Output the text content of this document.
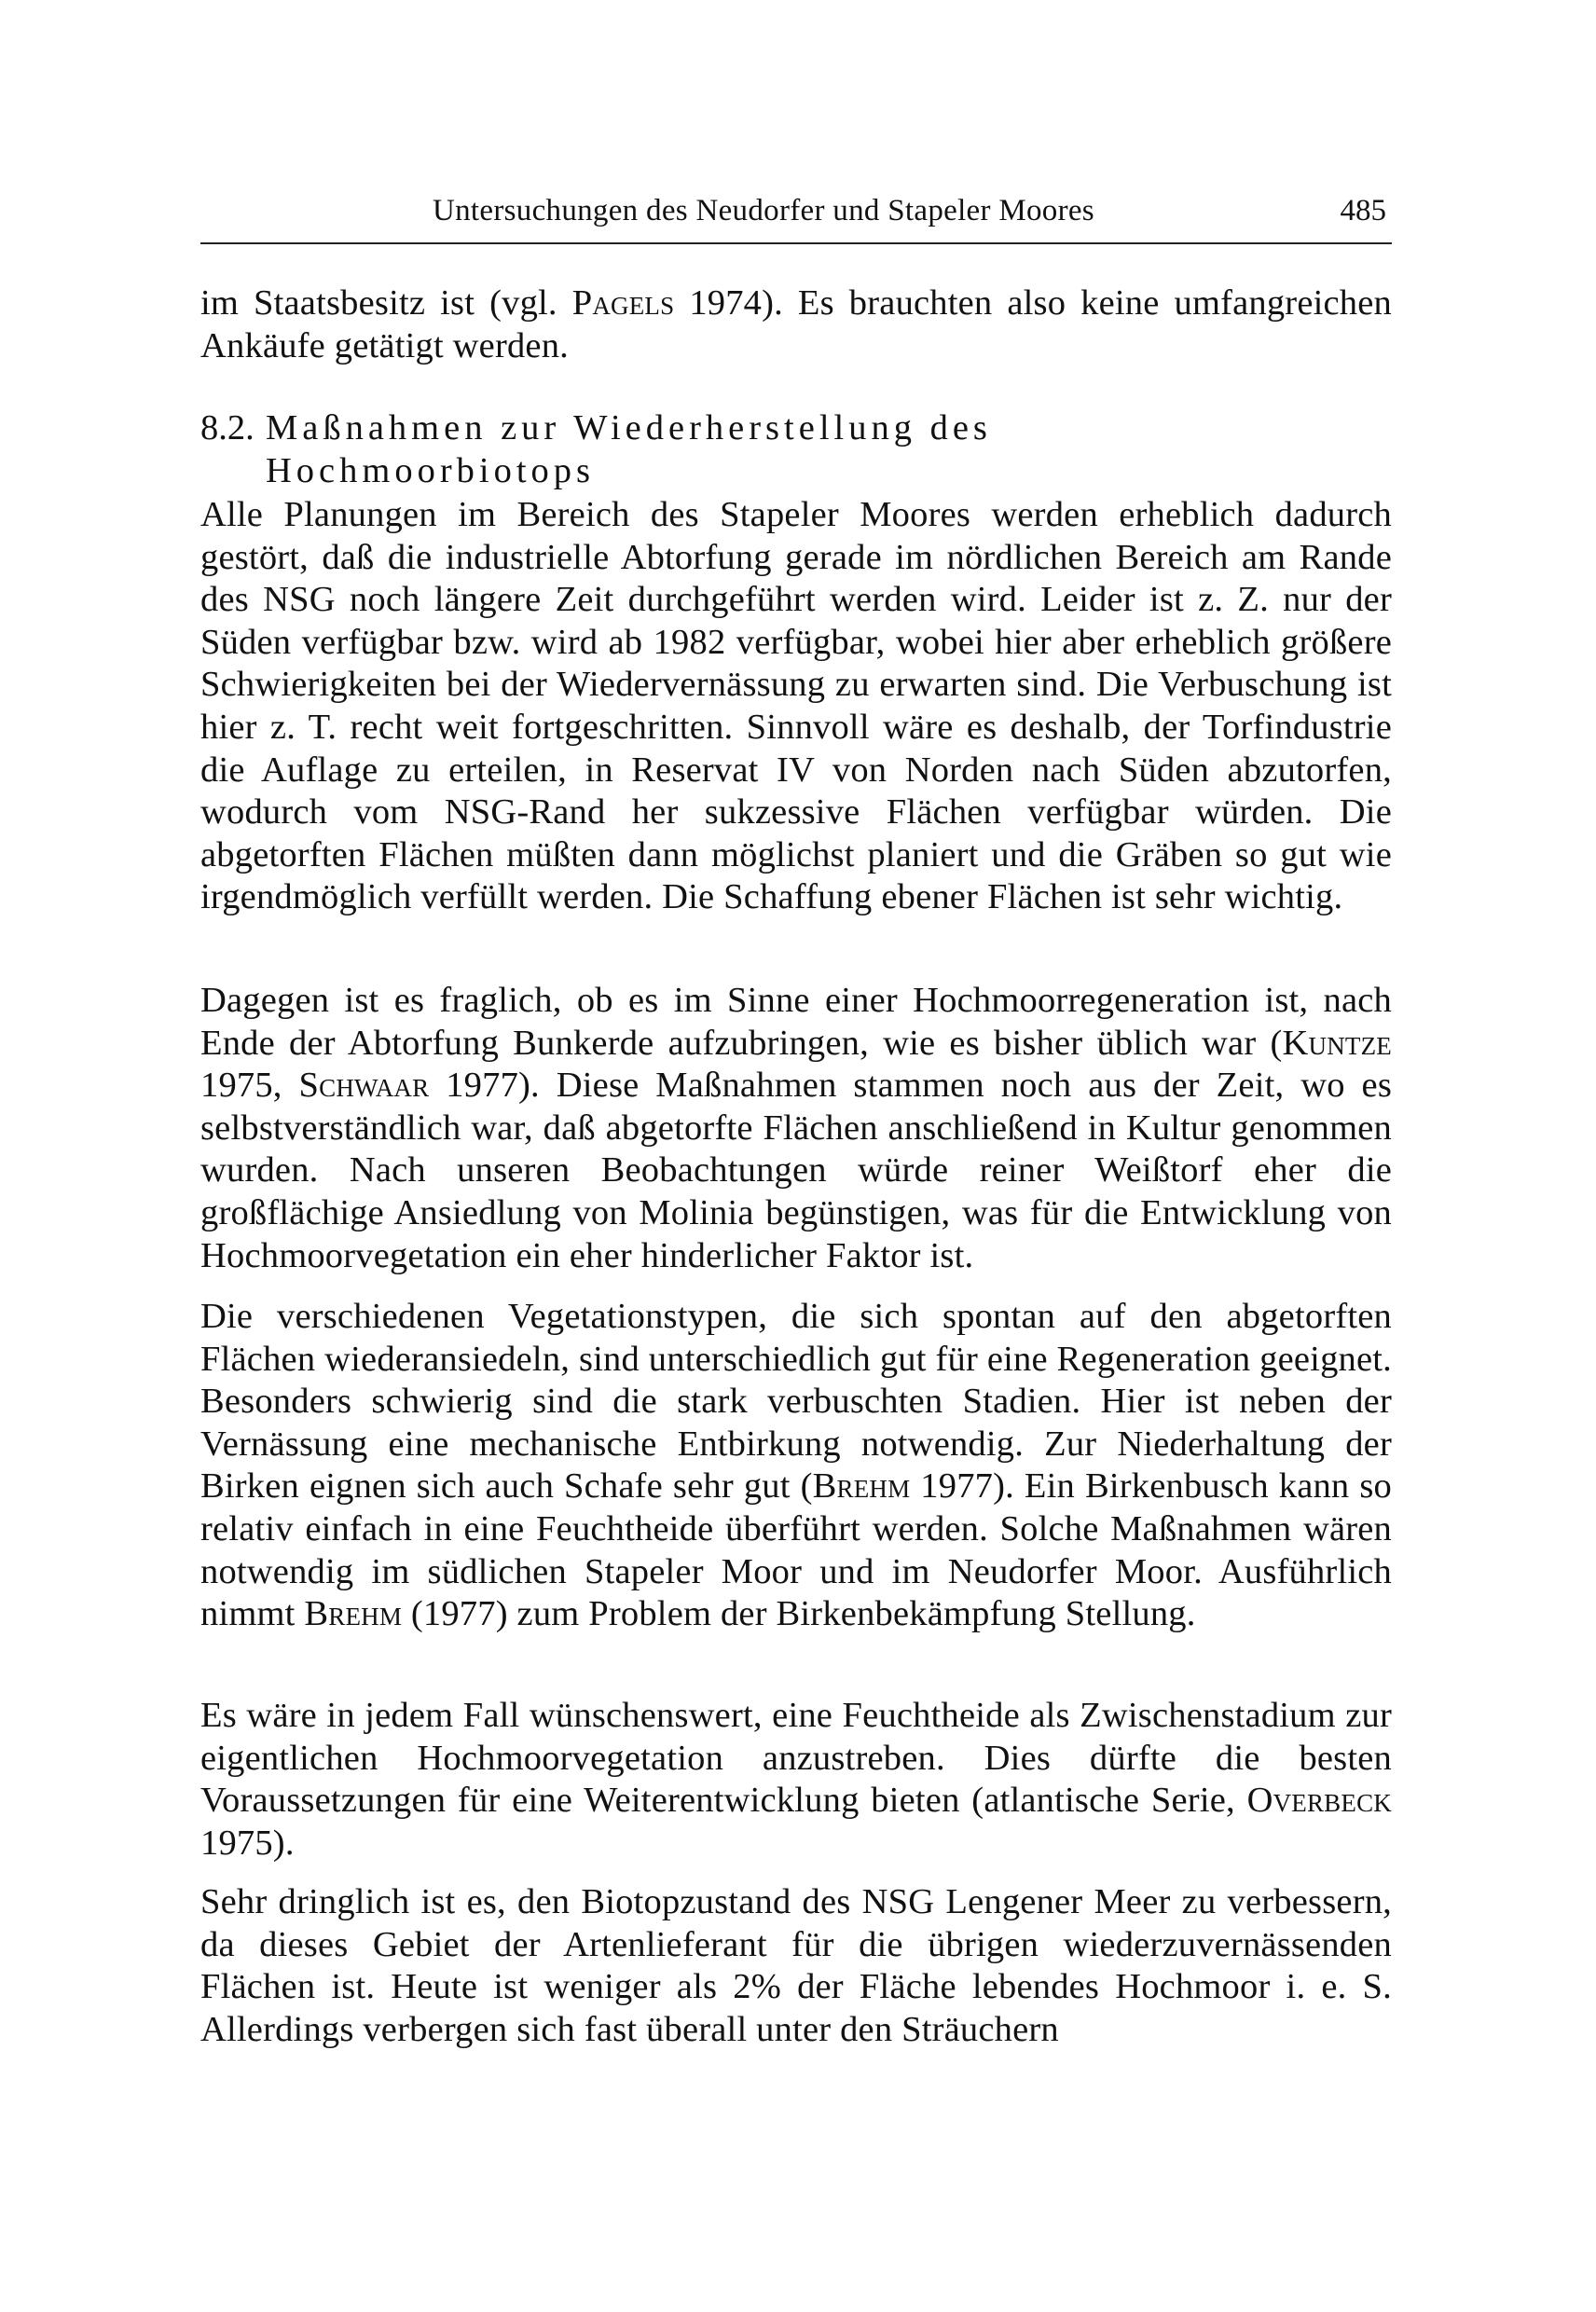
Untersuchungen des Neudorfer und Stapeler Moores	485

im Staatsbesitz ist (vgl. Pagels 1974). Es brauchten also keine umfangreichen Ankäufe getätigt werden.

8.2. Maßnahmen zur Wiederherstellung des
Hochmoorbiotops

Alle Planungen im Bereich des Stapeler Moores werden erheblich dadurch gestört, daß die industrielle Abtorfung gerade im nördlichen Bereich am Rande des NSG noch längere Zeit durchgeführt werden wird. Leider ist z. Z. nur der Süden verfügbar bzw. wird ab 1982 verfügbar, wobei hier aber erheblich größere Schwierigkeiten bei der Wiedervernässung zu erwarten sind. Die Verbuschung ist hier z. T. recht weit fortgeschritten. Sinnvoll wäre es deshalb, der Torfindustrie die Auflage zu erteilen, in Reservat IV von Norden nach Süden abzutorfen, wodurch vom NSG-Rand her sukzessive Flächen verfügbar würden. Die abgetorften Flächen müßten dann möglichst planiert und die Gräben so gut wie irgendmöglich verfüllt werden. Die Schaffung ebener Flächen ist sehr wichtig.

Dagegen ist es fraglich, ob es im Sinne einer Hochmoorregeneration ist, nach Ende der Abtorfung Bunkerde aufzubringen, wie es bisher üblich war (Kuntze 1975, Schwaar 1977). Diese Maßnahmen stammen noch aus der Zeit, wo es selbstverständlich war, daß abgetorfte Flächen anschließend in Kultur genommen wurden. Nach unseren Beobachtungen würde reiner Weißtorf eher die großflächige Ansiedlung von Molinia begünstigen, was für die Entwicklung von Hochmoorvegetation ein eher hinderlicher Faktor ist.

Die verschiedenen Vegetationstypen, die sich spontan auf den abgetorften Flächen wiederansiedeln, sind unterschiedlich gut für eine Regeneration geeignet. Besonders schwierig sind die stark verbuschten Stadien. Hier ist neben der Vernässung eine mechanische Entbirkung notwendig. Zur Niederhaltung der Birken eignen sich auch Schafe sehr gut (Brehm 1977). Ein Birkenbusch kann so relativ einfach in eine Feuchtheide überführt werden. Solche Maßnahmen wären notwendig im südlichen Stapeler Moor und im Neudorfer Moor. Ausführlich nimmt Brehm (1977) zum Problem der Birkenbekämpfung Stellung.

Es wäre in jedem Fall wünschenswert, eine Feuchtheide als Zwischenstadium zur eigentlichen Hochmoorvegetation anzustreben. Dies dürfte die besten Voraussetzungen für eine Weiterentwicklung bieten (atlantische Serie, Overbeck 1975).

Sehr dringlich ist es, den Biotopzustand des NSG Lengener Meer zu verbessern, da dieses Gebiet der Artenlieferant für die übrigen wiederzuvernässenden Flächen ist. Heute ist weniger als 2% der Fläche lebendes Hochmoor i. e. S. Allerdings verbergen sich fast überall unter den Sträuchern
